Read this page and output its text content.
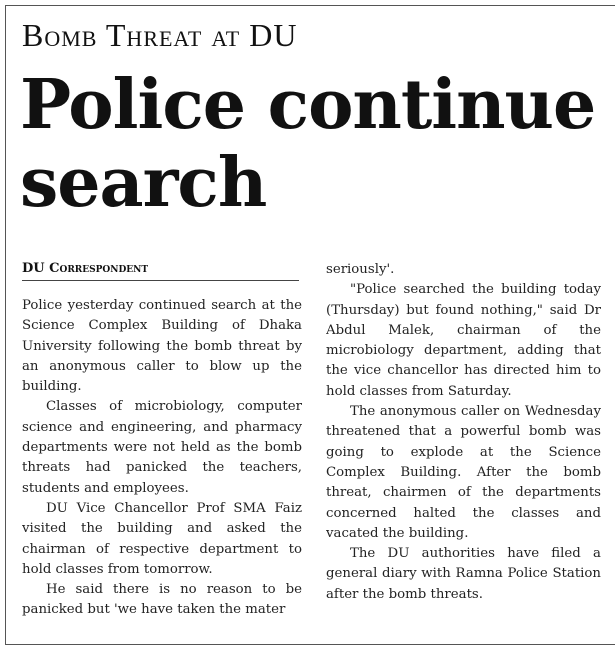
Bomb Threat at DU
Police continue search
DU Correspondent

Police yesterday continued search at the Science Complex Building of Dhaka University following the bomb threat by an anonymous caller to blow up the building.

Classes of microbiology, computer science and engineering, and pharmacy departments were not held as the bomb threats had panicked the teachers, students and employees.

DU Vice Chancellor Prof SMA Faiz visited the building and asked the chairman of respective department to hold classes from tomorrow.

He said there is no reason to be panicked but 'we have taken the mater

seriously'.

"Police searched the building today (Thursday) but found nothing," said Dr Abdul Malek, chairman of the microbiology department, adding that the vice chancellor has directed him to hold classes from Saturday.

The anonymous caller on Wednesday threatened that a powerful bomb was going to explode at the Science Complex Building. After the bomb threat, chairmen of the departments concerned halted the classes and vacated the building.

The DU authorities have filed a general diary with Ramna Police Station after the bomb threats.
